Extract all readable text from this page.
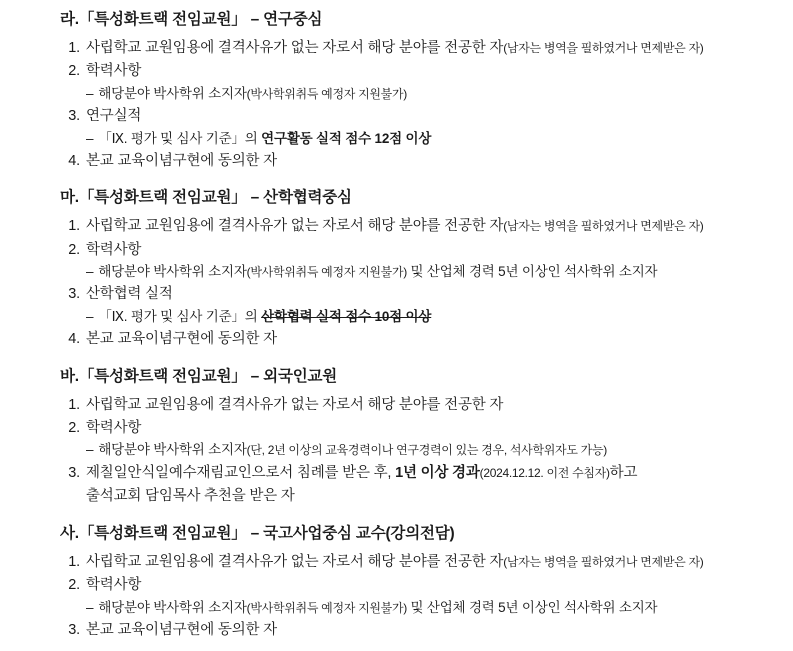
라.「특성화트랙 전임교원」 – 연구중심
1. 사립학교 교원임용에 결격사유가 없는 자로서 해당 분야를 전공한 자(남자는 병역을 필하였거나 면제받은 자)
2. 학력사항
– 해당분야 박사학위 소지자(박사학위취득 예정자 지원불가)
3. 연구실적
– 「Ⅸ. 평가 및 심사 기준」의 연구활동 실적 점수 12점 이상
4. 본교 교육이념구현에 동의한 자
마.「특성화트랙 전임교원」 – 산학협력중심
1. 사립학교 교원임용에 결격사유가 없는 자로서 해당 분야를 전공한 자(남자는 병역을 필하였거나 면제받은 자)
2. 학력사항
– 해당분야 박사학위 소지자(박사학위취득 예정자 지원불가) 및 산업체 경력 5년 이상인 석사학위 소지자
3. 산학협력 실적
– 「Ⅸ. 평가 및 심사 기준」의 산학협력 실적 점수 10점 이상
4. 본교 교육이념구현에 동의한 자
바.「특성화트랙 전임교원」 – 외국인교원
1. 사립학교 교원임용에 결격사유가 없는 자로서 해당 분야를 전공한 자
2. 학력사항
– 해당분야 박사학위 소지자(단, 2년 이상의 교육경력이나 연구경력이 있는 경우, 석사학위자도 가능)
3. 제칠일안식일예수재림교인으로서 침례를 받은 후, 1년 이상 경과(2024.12.12. 이전 수침자)하고
출석교회 담임목사 추천을 받은 자
사.「특성화트랙 전임교원」 – 국고사업중심 교수(강의전담)
1. 사립학교 교원임용에 결격사유가 없는 자로서 해당 분야를 전공한 자(남자는 병역을 필하였거나 면제받은 자)
2. 학력사항
– 해당분야 박사학위 소지자(박사학위취득 예정자 지원불가) 및 산업체 경력 5년 이상인 석사학위 소지자
3. 본교 교육이념구현에 동의한 자
